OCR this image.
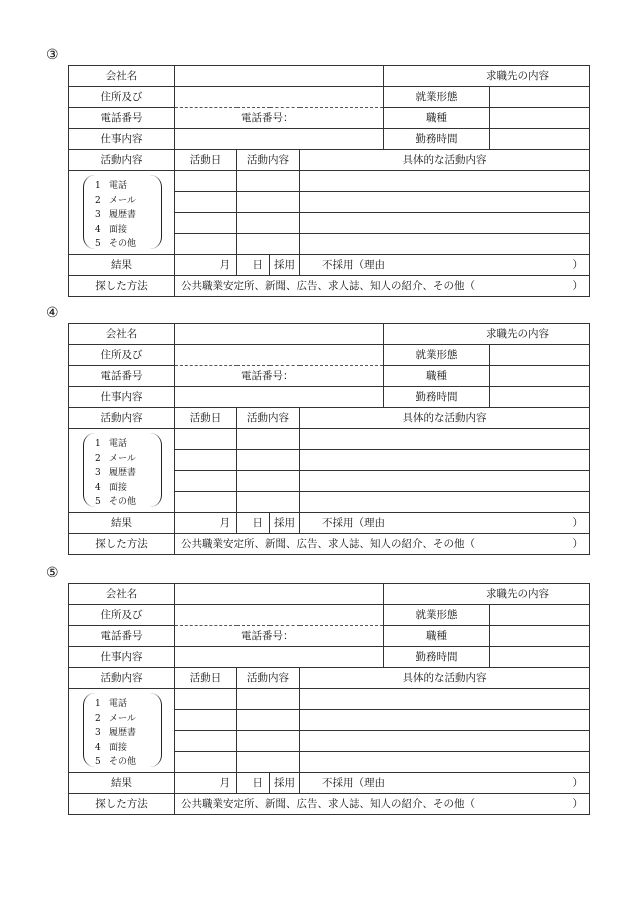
③
会社名					求職先の内容	
住所及び					就業形態	
電話番号	電話番号：				職種	
仕事内容					勤務時間	
活動内容	活動日	活動内容		具体的な活動内容		

1 電話
2 メール
3 履歴書
4 面接
5 その他						

結果	月	日	採用	不採用（理由 ）		

探した方法	公共職業安定所、新聞、広告、求人誌、知人の紹介、その他（ ）					
④
会社名					求職先の内容	
住所及び					就業形態	
電話番号	電話番号：				職種	
仕事内容					勤務時間	
活動内容	活動日	活動内容		具体的な活動内容		

1 電話
2 メール
3 履歴書
4 面接
5 その他						

結果	月	日	採用	不採用（理由 ）		

探した方法	公共職業安定所、新聞、広告、求人誌、知人の紹介、その他（ ）					
⑤
会社名					求職先の内容	
住所及び					就業形態	
電話番号	電話番号：				職種	
仕事内容					勤務時間	
活動内容	活動日	活動内容		具体的な活動内容		

1 電話
2 メール
3 履歴書
4 面接
5 その他						

結果	月	日	採用	不採用（理由 ）		

探した方法	公共職業安定所、新聞、広告、求人誌、知人の紹介、その他（ ）					
